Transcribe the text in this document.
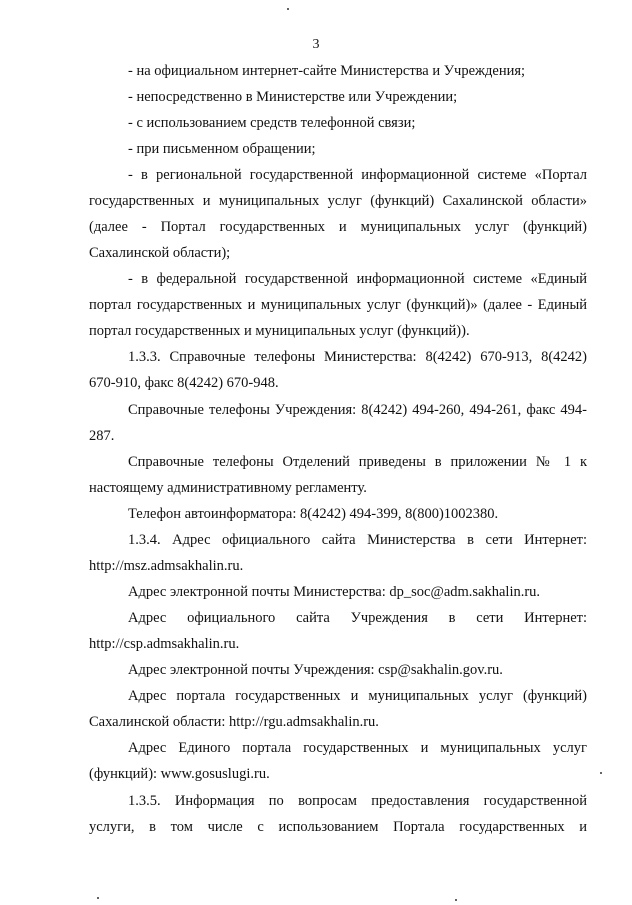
3
- на официальном интернет-сайте Министерства и Учреждения;
- непосредственно в Министерстве или Учреждении;
- с использованием средств телефонной связи;
- при письменном обращении;
- в региональной государственной информационной системе «Портал
государственных и муниципальных услуг (функций) Сахалинской области»
(далее - Портал государственных и муниципальных услуг (функций)
Сахалинской области);
- в федеральной государственной информационной системе «Единый
портал государственных и муниципальных услуг (функций)» (далее - Единый
портал государственных и муниципальных услуг (функций)).
1.3.3. Справочные телефоны Министерства: 8(4242) 670-913, 8(4242)
670-910, факс 8(4242) 670-948.
Справочные телефоны Учреждения: 8(4242) 494-260, 494-261, факс 494-
287.
Справочные телефоны Отделений приведены в приложении № 1 к
настоящему административному регламенту.
Телефон автоинформатора: 8(4242) 494-399, 8(800)1002380.
1.3.4. Адрес официального сайта Министерства в сети Интернет:
http://msz.admsakhalin.ru.
Адрес электронной почты Министерства: dp_soc@adm.sakhalin.ru.
Адрес официального сайта Учреждения в сети Интернет:
http://csp.admsakhalin.ru.
Адрес электронной почты Учреждения: csp@sakhalin.gov.ru.
Адрес портала государственных и муниципальных услуг (функций)
Сахалинской области: http://rgu.admsakhalin.ru.
Адрес Единого портала государственных и муниципальных услуг
(функций): www.gosuslugi.ru.
1.3.5. Информация по вопросам предоставления государственной
услуги, в том числе с использованием Портала государственных и
